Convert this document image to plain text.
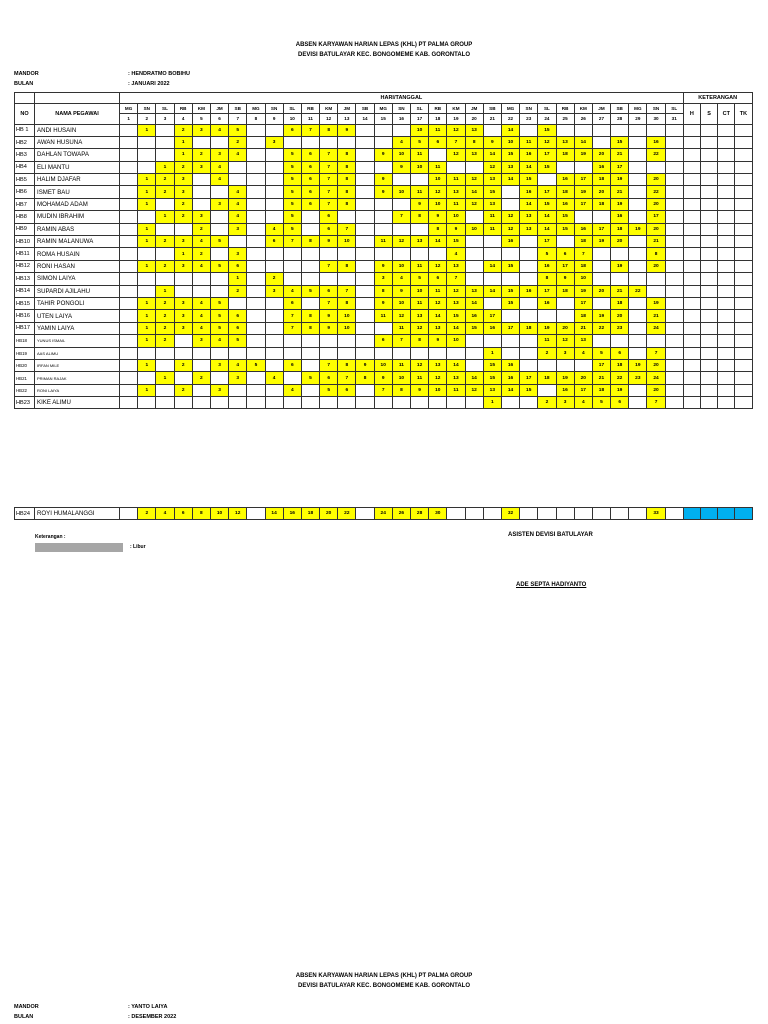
ABSEN KARYAWAN HARIAN LEPAS (KHL) PT PALMA GROUP
DEVISI BATULAYAR KEC. BONGOMEME KAB. GORONTALO
MANDOR	: HENDRATMO BOBIHU
BULAN	: JANUARI 2022
		HARI/TANGGAL																															KETERANGAN			
NO	NAMA PEGAWAI	MG	SN	SL	RB	KM	JM	SB	MG	SN	SL	RB	KM	JM	SB	MG	SN	SL	RB	KM	JM	SB	MG	SN	SL	RB	KM	JM	SB	MG	SN	SL	H	S	CT	TK
		1	2	3	4	5	6	7	8	9	10	11	12	13	14	15	16	17	18	19	20	21	22	23	24	25	26	27	28	29	30	31				
HB 1	ANDI HUSAIN		1		2	3	4	5			6	7	8	9				10	11	12	13		14		15											
HB2	AWAN HUSUNA				1			2		3							4	5	6	7	8	9	10	11	12	13	14		15		16					
HB3	DAHLAN TOWAPA				1	2	3	4			5	6	7	8		9	10	11		12	13	14	15	16	17	18	19	20	21		22					
HB4	ELI MANTU			1	2	3	4				5	6	7	8			9	10	11			12	13	14	15			16	17							
HB5	HALIM DJAFAR		1	2	3		4				5	6	7	8		9			10	11	12	13	14	15		16	17	18	19		20					
HB6	ISMET BAU		1	2	3			4			5	6	7	8		9	10	11	12	13	14	15		16	17	18	19	20	21		22					
HB7	MOHAMAD ADAM		1		2		3	4			5	6	7	8				9	10	11	12	13		14	15	16	17	18	19		20					
HB8	MUDIN IBRAHIM			1	2	3		4			5		6				7	8	9	10		11	12	13	14	15			16		17					
HB9	RAMIN ABAS		1			2		3		4	5		6	7					8	9	10	11	12	13	14	15	16	17	18	19	20					
HB10	RAMIN MALANUWA		1	2	3	4	5			6	7	8	9	10		11	12	13	14	15			16		17		18	19	20		21					
HB11	ROMA HUSAIN				1	2		3												4					5	6	7				8					
HB12	RONI HASAN		1	2	3	4	5	6					7	8		9	10	11	12	13		14	15		16	17	18		19		20					
HB13	SIMON LAIYA							1		2						3	4	5	6	7					8	9	10									
HB14	SUPARDI AJILAHU			1				2		3	4	5	6	7		8	9	10	11	12	13	14	15	16	17	18	19	20	21	22						
HB15	TAHIR PONGOLI		1	2	3	4	5				6		7	8		9	10	11	12	13	14		15		16		17		18		19					
HB16	UTEN LAIYA		1	2	3	4	5	6			7	8	9	10		11	12	13	14	15	16	17					18	19	20		21					
HB17	YAMIN LAIYA		1	2	3	4	5	6			7	8	9	10			11	12	13	14	15	16	17	18	19	20	21	22	23		24					
HB18	YUNUS ISMAIL		1	2		3	4	5								6	7	8	9	10					11	12	13									
HB19	AAS ALIMU																					1			2	3	4	5	6		7					
HB20	IRFAN MILE		1		2		3	4	5		6		7	8	9	10	11	12	13	14		15	16					17	18	19	20					
HB21	PRIMAN RAJAK			1		2		3		4		5	6	7	8	9	10	11	12	13	14	15	16	17	18	19	20	21	22	23	24					
HB22	RONI LAIYA		1		2		3				4		5	6		7	8	9	10	11	12	13	14	15		16	17	18	19		20					
HB23	KIKE ALIMU																					1			2	3	4	5	6		7					
HB24	ROYI HUMALANGGI		2	4	6	8	10	12		14	16	18	20	22		24	26	28	30				32								33					
Keterangan :
: Libur
ASISTEN DEVISI BATULAYAR
ADE SEPTA HADIYANTO
ABSEN KARYAWAN HARIAN LEPAS (KHL) PT PALMA GROUP
DEVISI BATULAYAR KEC. BONGOMEME KAB. GORONTALO
MANDOR	: YANTO LAIYA
BULAN	: DESEMBER 2022
